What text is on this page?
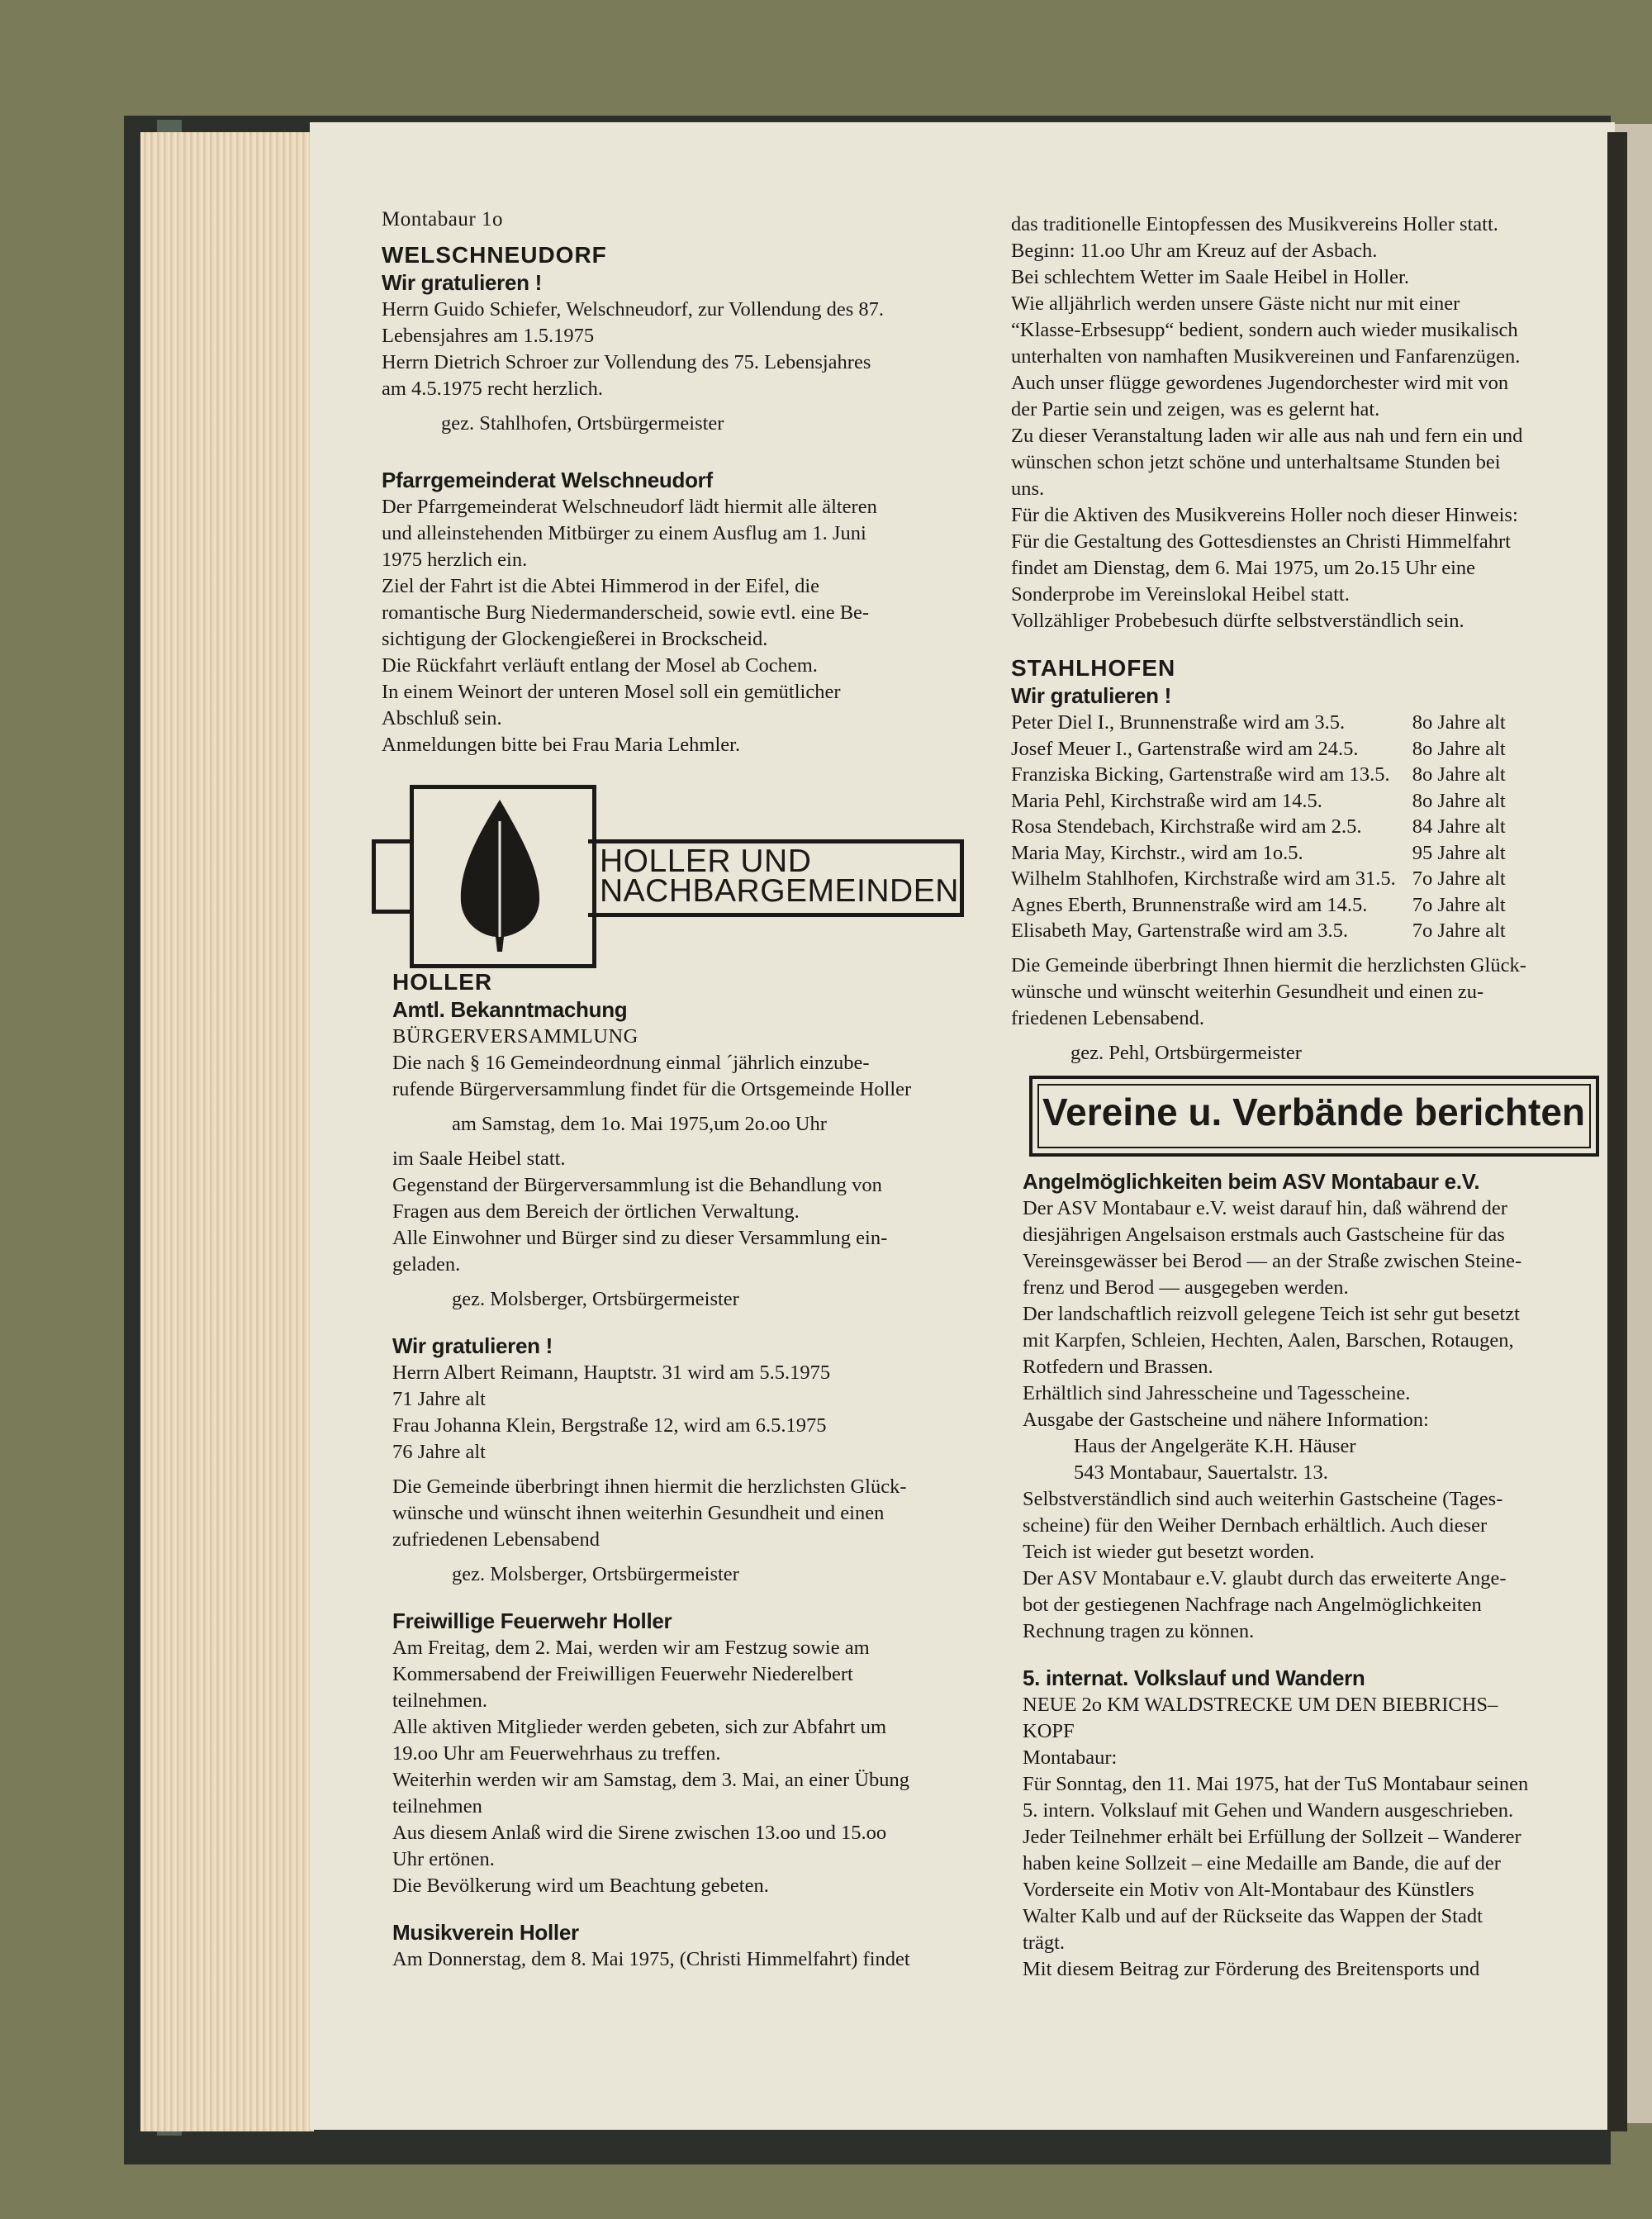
Montabaur 1o

WELSCHNEUDORF

Wir gratulieren !

Herrn Guido Schiefer, Welschneudorf, zur Vollendung des 87.

Lebensjahres am 1.5.1975

Herrn Dietrich Schroer zur Vollendung des 75. Lebensjahres

am 4.5.1975 recht herzlich.

gez. Stahlhofen, Ortsbürgermeister

Pfarrgemeinderat Welschneudorf

Der Pfarrgemeinderat Welschneudorf lädt hiermit alle älteren

und alleinstehenden Mitbürger zu einem Ausflug am 1. Juni

1975 herzlich ein.

Ziel der Fahrt ist die Abtei Himmerod in der Eifel, die

romantische Burg Niedermanderscheid, sowie evtl. eine Be-

sichtigung der Glockengießerei in Brockscheid.

Die Rückfahrt verläuft entlang der Mosel ab Cochem.

In einem Weinort der unteren Mosel soll ein gemütlicher

Abschluß sein.

Anmeldungen bitte bei Frau Maria Lehmler.

HOLLER UND
NACHBARGEMEINDEN

HOLLER

Amtl. Bekanntmachung

BÜRGERVERSAMMLUNG

Die nach § 16 Gemeindeordnung einmal ´jährlich einzube-

rufende Bürgerversammlung findet für die Ortsgemeinde Holler

am Samstag, dem 1o. Mai 1975,um 2o.oo Uhr

im Saale Heibel statt.

Gegenstand der Bürgerversammlung ist die Behandlung von

Fragen aus dem Bereich der örtlichen Verwaltung.

Alle Einwohner und Bürger sind zu dieser Versammlung ein-

geladen.

gez. Molsberger, Ortsbürgermeister

Wir gratulieren !

Herrn Albert Reimann, Hauptstr. 31 wird am 5.5.1975

71 Jahre alt

Frau Johanna Klein, Bergstraße 12, wird am 6.5.1975

76 Jahre alt

Die Gemeinde überbringt ihnen hiermit die herzlichsten Glück-

wünsche und wünscht ihnen weiterhin Gesundheit und einen

zufriedenen Lebensabend

gez. Molsberger, Ortsbürgermeister

Freiwillige Feuerwehr Holler

Am Freitag, dem 2. Mai, werden wir am Festzug sowie am

Kommersabend der Freiwilligen Feuerwehr Niederelbert

teilnehmen.

Alle aktiven Mitglieder werden gebeten, sich zur Abfahrt um

19.oo Uhr am Feuerwehrhaus zu treffen.

Weiterhin werden wir am Samstag, dem 3. Mai, an einer Übung

teilnehmen

Aus diesem Anlaß wird die Sirene zwischen 13.oo und 15.oo

Uhr ertönen.

Die Bevölkerung wird um Beachtung gebeten.

Musikverein Holler

Am Donnerstag, dem 8. Mai 1975, (Christi Himmelfahrt) findet

das traditionelle Eintopfessen des Musikvereins Holler statt.

Beginn: 11.oo Uhr am Kreuz auf der Asbach.

Bei schlechtem Wetter im Saale Heibel in Holler.

Wie alljährlich werden unsere Gäste nicht nur mit einer

“Klasse-Erbsesupp“ bedient, sondern auch wieder musikalisch

unterhalten von namhaften Musikvereinen und Fanfarenzügen.

Auch unser flügge gewordenes Jugendorchester wird mit von

der Partie sein und zeigen, was es gelernt hat.

Zu dieser Veranstaltung laden wir alle aus nah und fern ein und

wünschen schon jetzt schöne und unterhaltsame Stunden bei

uns.

Für die Aktiven des Musikvereins Holler noch dieser Hinweis:

Für die Gestaltung des Gottesdienstes an Christi Himmelfahrt

findet am Dienstag, dem 6. Mai 1975, um 2o.15 Uhr eine

Sonderprobe im Vereinslokal Heibel statt.

Vollzähliger Probebesuch dürfte selbstverständlich sein.

STAHLHOFEN

Wir gratulieren !

Peter Diel I., Brunnenstraße wird am 3.5.	8o Jahre alt
Josef Meuer I., Gartenstraße wird am 24.5.	8o Jahre alt
Franziska Bicking, Gartenstraße wird am 13.5.	8o Jahre alt
Maria Pehl, Kirchstraße wird am 14.5.	8o Jahre alt
Rosa Stendebach, Kirchstraße wird am 2.5.	84 Jahre alt
Maria May, Kirchstr., wird am 1o.5.	95 Jahre alt
Wilhelm Stahlhofen, Kirchstraße wird am 31.5.	7o Jahre alt
Agnes Eberth, Brunnenstraße wird am 14.5.	7o Jahre alt
Elisabeth May, Gartenstraße wird am 3.5.	7o Jahre alt

Die Gemeinde überbringt Ihnen hiermit die herzlichsten Glück-

wünsche und wünscht weiterhin Gesundheit und einen zu-

friedenen Lebensabend.

gez. Pehl, Ortsbürgermeister

Vereine u. Verbände berichten

Angelmöglichkeiten beim ASV Montabaur e.V.

Der ASV Montabaur e.V. weist darauf hin, daß während der

diesjährigen Angelsaison erstmals auch Gastscheine für das

Vereinsgewässer bei Berod — an der Straße zwischen Steine-

frenz und Berod — ausgegeben werden.

Der landschaftlich reizvoll gelegene Teich ist sehr gut besetzt

mit Karpfen, Schleien, Hechten, Aalen, Barschen, Rotaugen,

Rotfedern und Brassen.

Erhältlich sind Jahresscheine und Tagesscheine.

Ausgabe der Gastscheine und nähere Information:

Haus der Angelgeräte K.H. Häuser

543 Montabaur, Sauertalstr. 13.

Selbstverständlich sind auch weiterhin Gastscheine (Tages-

scheine) für den Weiher Dernbach erhältlich. Auch dieser

Teich ist wieder gut besetzt worden.

Der ASV Montabaur e.V. glaubt durch das erweiterte Ange-

bot der gestiegenen Nachfrage nach Angelmöglichkeiten

Rechnung tragen zu können.

5. internat. Volkslauf und Wandern

NEUE 2o KM WALDSTRECKE UM DEN BIEBRICHS–

KOPF

Montabaur:

Für Sonntag, den 11. Mai 1975, hat der TuS Montabaur seinen

5. intern. Volkslauf mit Gehen und Wandern ausgeschrieben.

Jeder Teilnehmer erhält bei Erfüllung der Sollzeit – Wanderer

haben keine Sollzeit – eine Medaille am Bande, die auf der

Vorderseite ein Motiv von Alt-Montabaur des Künstlers

Walter Kalb und auf der Rückseite das Wappen der Stadt

trägt.

Mit diesem Beitrag zur Förderung des Breitensports und
